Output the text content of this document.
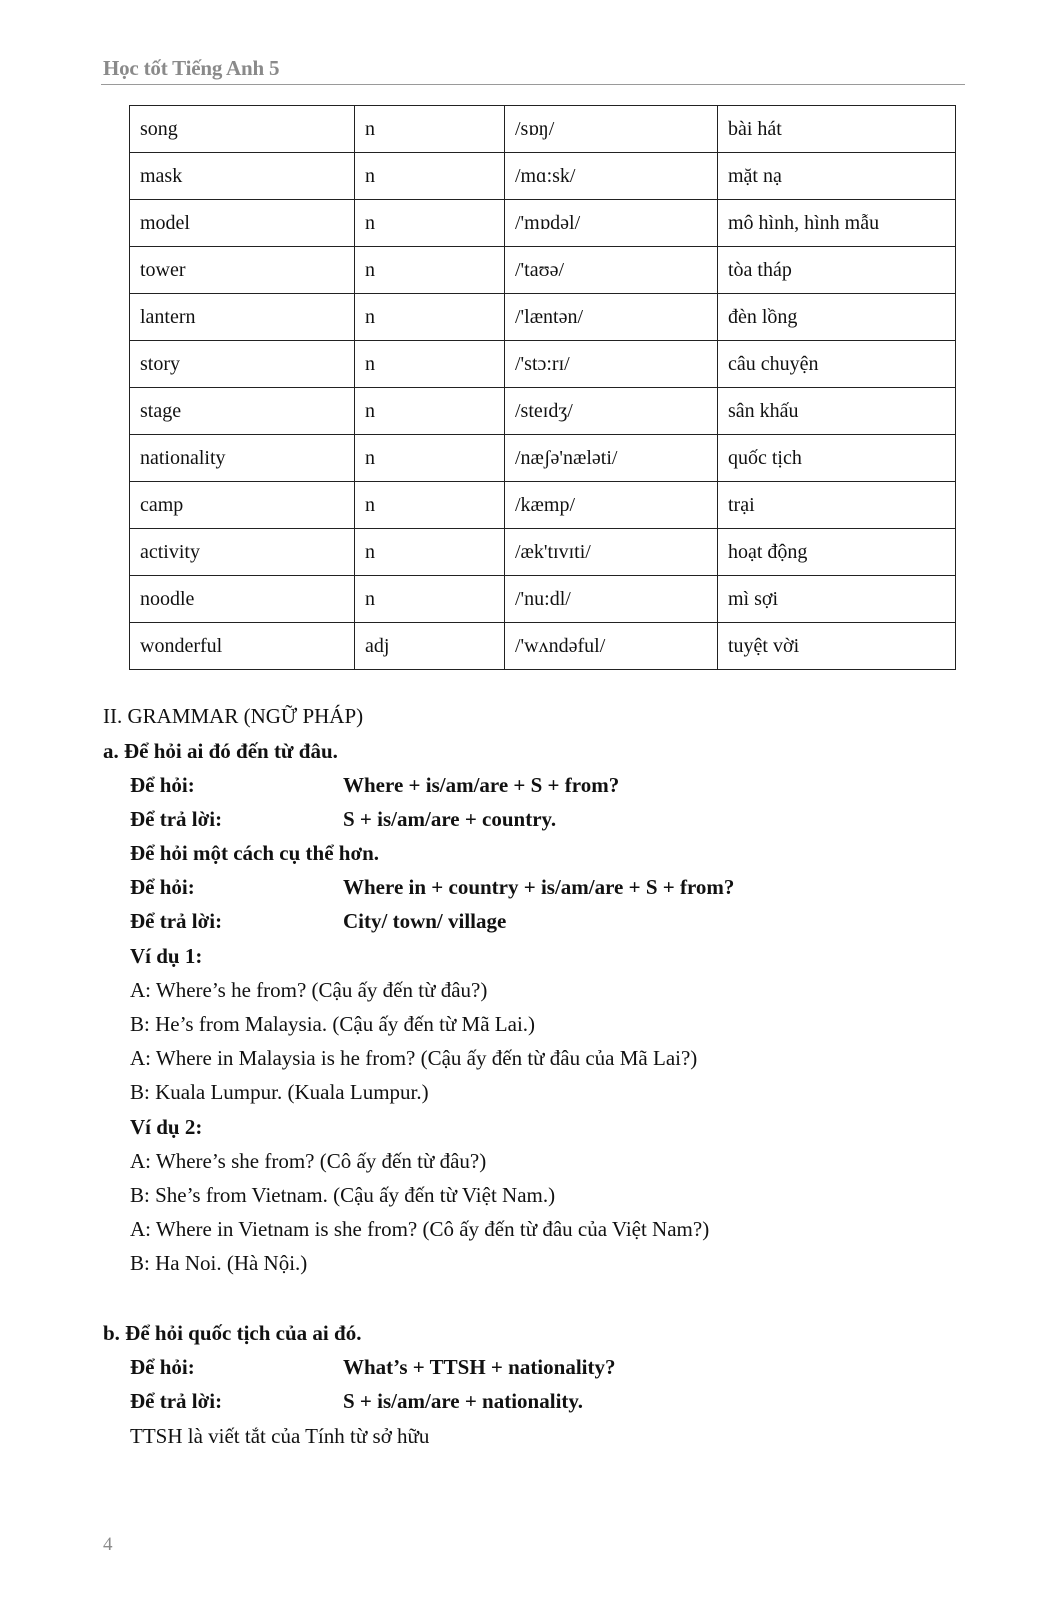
Học tốt Tiếng Anh 5
song	n	/sɒŋ/	bài hát
mask	n	/mɑ:sk/	mặt nạ
model	n	/'mɒdəl/	mô hình, hình mẫu
tower	n	/'taʊə/	tòa tháp
lantern	n	/'læntən/	đèn lồng
story	n	/'stɔ:rɪ/	câu chuyện
stage	n	/steɪdʒ/	sân khấu
nationality	n	/næʃə'næləti/	quốc tịch
camp	n	/kæmp/	trại
activity	n	/æk'tɪvɪti/	hoạt động
noodle	n	/'nu:dl/	mì sợi
wonderful	adj	/'wʌndəful/	tuyệt vời
II. GRAMMAR (NGỮ PHÁP)
a. Để hỏi ai đó đến từ đâu.
Để hỏi:	Where + is/am/are + S + from?
Để trả lời:	S + is/am/are + country.
Để hỏi một cách cụ thể hơn.
Để hỏi:	Where in + country + is/am/are + S + from?
Để trả lời:	City/ town/ village
Ví dụ 1:
A: Where’s he from? (Cậu ấy đến từ đâu?)
B: He’s from Malaysia. (Cậu ấy đến từ Mã Lai.)
A: Where in Malaysia is he from? (Cậu ấy đến từ đâu của Mã Lai?)
B: Kuala Lumpur. (Kuala Lumpur.)
Ví dụ 2:
A: Where’s she from? (Cô ấy đến từ đâu?)
B: She’s from Vietnam. (Cậu ấy đến từ Việt Nam.)
A: Where in Vietnam is she from? (Cô ấy đến từ đâu của Việt Nam?)
B: Ha Noi. (Hà Nội.)
b. Để hỏi quốc tịch của ai đó.
Để hỏi:	What’s + TTSH + nationality?
Để trả lời:	S + is/am/are + nationality.
TTSH là viết tắt của Tính từ sở hữu
4
